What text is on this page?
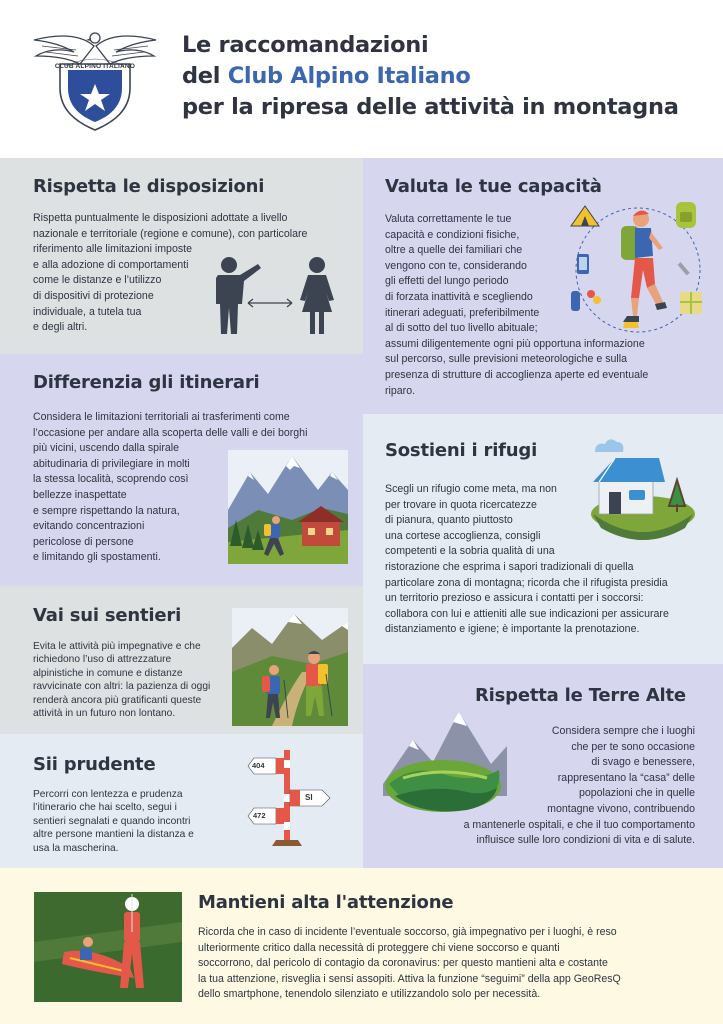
CLUB ALPINO ITALIANO
Le raccomandazioni
del Club Alpino Italiano
per la ripresa delle attività in montagna
Rispetta le disposizioni
Rispetta puntualmente le disposizioni adottate a livello
nazionale e territoriale (regione e comune), con particolare
riferimento alle limitazioni imposte
e alla adozione di comportamenti
come le distanze e l’utilizzo
di dispositivi di protezione
individuale, a tutela tua
e degli altri.
Valuta le tue capacità
Valuta correttamente le tue
capacità e condizioni fisiche,
oltre a quelle dei familiari che
vengono con te, considerando
gli effetti del lungo periodo
di forzata inattività e scegliendo
itinerari adeguati, preferibilmente
al di sotto del tuo livello abituale;
assumi diligentemente ogni più opportuna informazione
sul percorso, sulle previsioni meteorologiche e sulla
presenza di strutture di accoglienza aperte ed eventuale
riparo.
Differenzia gli itinerari
Considera le limitazioni territoriali ai trasferimenti come
l’occasione per andare alla scoperta delle valli e dei borghi
più vicini, uscendo dalla spirale
abitudinaria di privilegiare in molti
la stessa località, scoprendo così
bellezze inaspettate
e sempre rispettando la natura,
evitando concentrazioni
pericolose di persone
e limitando gli spostamenti.
Sostieni i rifugi
Scegli un rifugio come meta, ma non
per trovare in quota ricercatezze
di pianura, quanto piuttosto
una cortese accoglienza, consigli
competenti e la sobria qualità di una
ristorazione che esprima i sapori tradizionali di quella
particolare zona di montagna; ricorda che il rifugista presidia
un territorio prezioso e assicura i contatti per i soccorsi:
collabora con lui e attieniti alle sue indicazioni per assicurare
distanziamento e igiene; è importante la prenotazione.
Vai sui sentieri
Evita le attività più impegnative e che
richiedono l’uso di attrezzature
alpinistiche in comune e distanze
ravvicinate con altri: la pazienza di oggi
renderà ancora più gratificanti queste
attività in un futuro non lontano.
Rispetta le Terre Alte
Considera sempre che i luoghi
che per te sono occasione
di svago e benessere,
rappresentano la “casa” delle
popolazioni che in quelle
montagne vivono, contribuendo
a mantenerle ospitali, e che il tuo comportamento
influisce sulle loro condizioni di vita e di salute.
Sii prudente
Percorri con lentezza e prudenza
l’itinerario che hai scelto, segui i
sentieri segnalati e quando incontri
altre persone mantieni la distanza e
usa la mascherina.
404
SI
472
Mantieni alta l'attenzione
Ricorda che in caso di incidente l’eventuale soccorso, già impegnativo per i luoghi, è reso
ulteriormente critico dalla necessità di proteggere chi viene soccorso e quanti
soccorrono, dal pericolo di contagio da coronavirus: per questo mantieni alta e costante
la tua attenzione, risveglia i sensi assopiti. Attiva la funzione “seguimi” della app GeoResQ
dello smartphone, tenendolo silenziato e utilizzandolo solo per necessità.
